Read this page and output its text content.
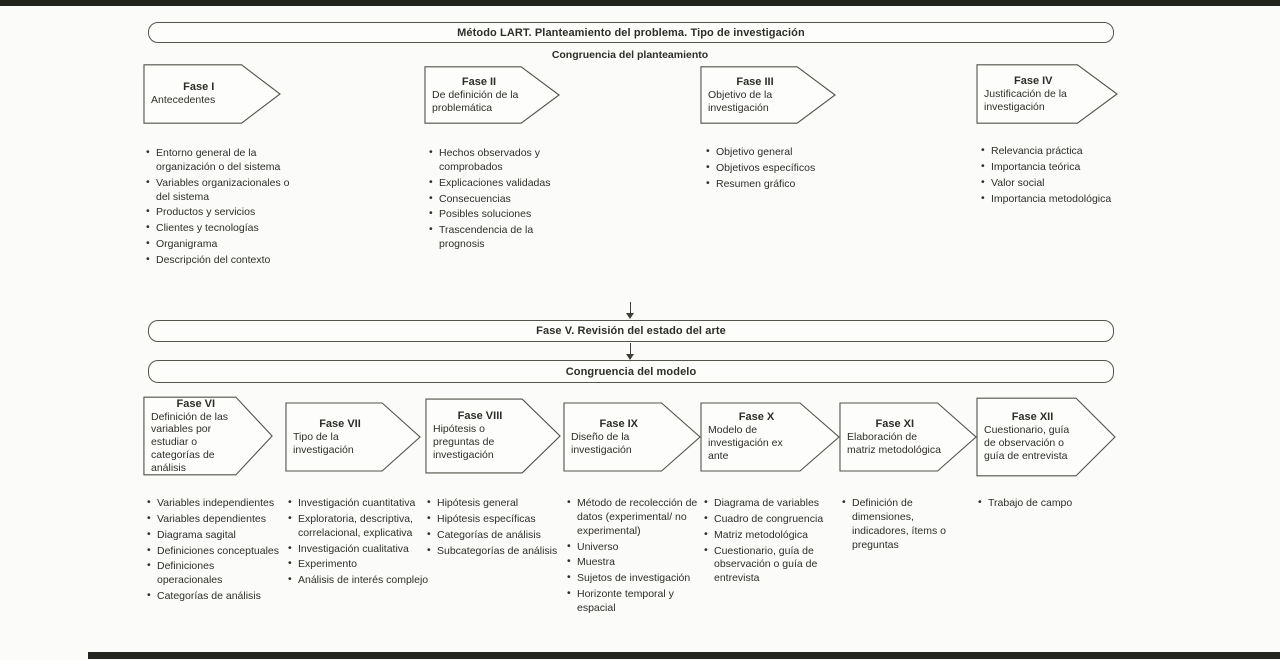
Método LART. Planteamiento del problema. Tipo de investigación
Congruencia del planteamiento
Fase I
Antecedentes
Fase II
De definición de la problemática
Fase III
Objetivo de la investigación
Fase IV
Justificación de la investigación
• Entorno general de la organización o del sistema
• Variables organizacionales o del sistema
• Productos y servicios
• Clientes y tecnologías
• Organigrama
• Descripción del contexto
• Hechos observados y comprobados
• Explicaciones validadas
• Consecuencias
• Posibles soluciones
• Trascendencia de la prognosis
• Objetivo general
• Objetivos específicos
• Resumen gráfico
• Relevancia práctica
• Importancia teórica
• Valor social
• Importancia metodológica
Fase V. Revisión del estado del arte
Congruencia del modelo
Fase VI
Definición de las variables por estudiar o categorías de análisis
Fase VII
Tipo de la investigación
Fase VIII
Hipótesis o preguntas de investigación
Fase IX
Diseño de la investigación
Fase X
Modelo de investigación ex ante
Fase XI
Elaboración de matriz metodológica
Fase XII
Cuestionario, guía de observación o guía de entrevista
• Variables independientes
• Variables dependientes
• Diagrama sagital
• Definiciones conceptuales
• Definiciones operacionales
• Categorías de análisis
• Investigación cuantitativa
• Exploratoria, descriptiva, correlacional, explicativa
• Investigación cualitativa
• Experimento
• Análisis de interés complejo
• Hipótesis general
• Hipótesis específicas
• Categorías de análisis
• Subcategorías de análisis
• Método de recolección de datos (experimental/ no experimental)
• Universo
• Muestra
• Sujetos de investigación
• Horizonte temporal y espacial
• Diagrama de variables
• Cuadro de congruencia
• Matriz metodológica
• Cuestionario, guía de observación o guía de entrevista
• Definición de dimensiones, indicadores, ítems o preguntas
• Trabajo de campo
